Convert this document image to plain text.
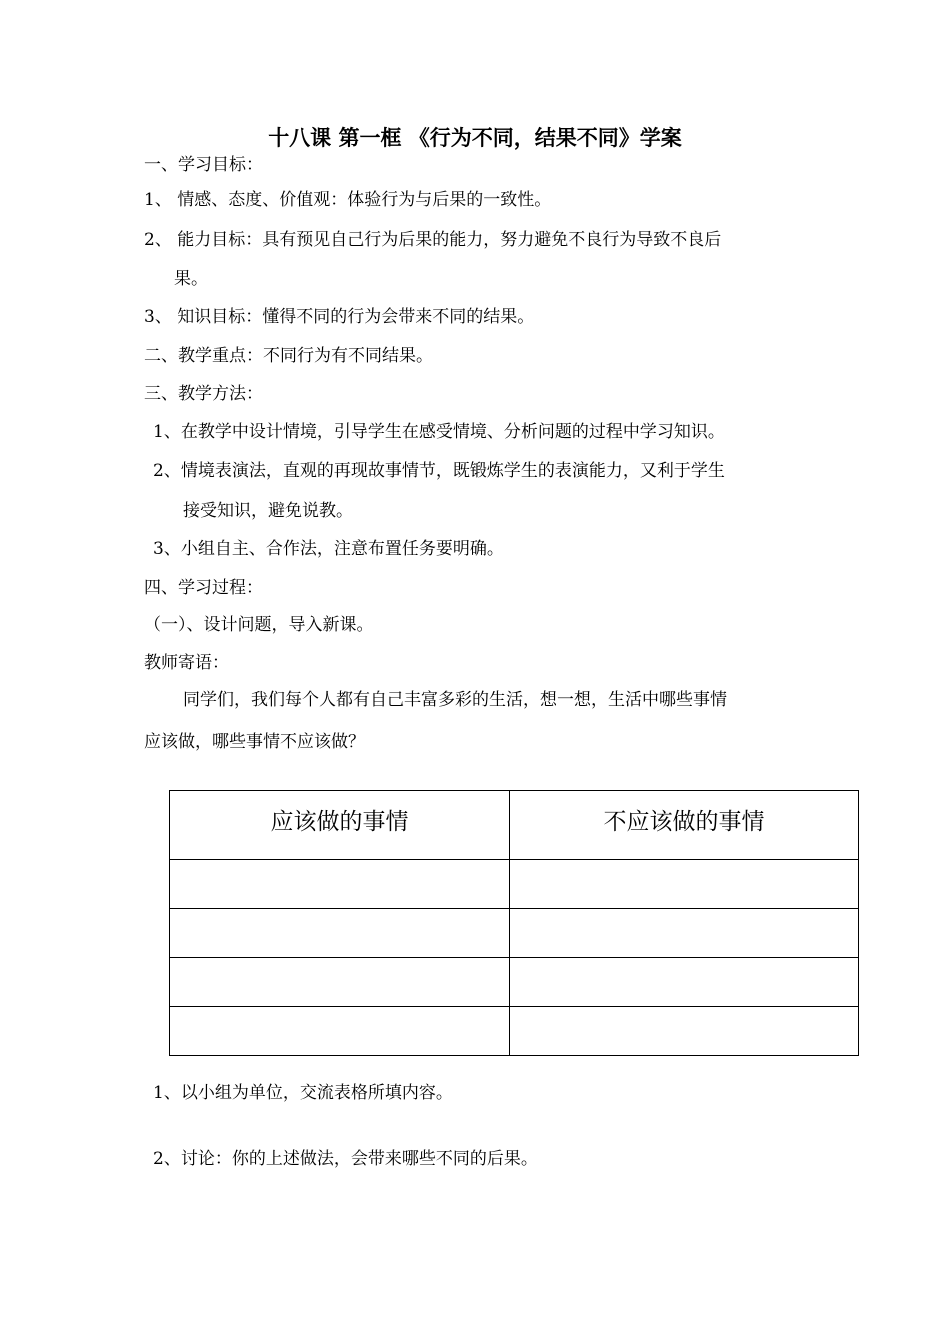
十八课 第一框 《行为不同，结果不同》学案
一、学习目标：
1、 情感、态度、价值观：体验行为与后果的一致性。
2、 能力目标：具有预见自己行为后果的能力，努力避免不良行为导致不良后
果。
3、 知识目标：懂得不同的行为会带来不同的结果。
二、教学重点：不同行为有不同结果。
三、教学方法：
1、在教学中设计情境，引导学生在感受情境、分析问题的过程中学习知识。
2、情境表演法，直观的再现故事情节，既锻炼学生的表演能力，又利于学生
接受知识，避免说教。
3、小组自主、合作法，注意布置任务要明确。
四、学习过程：
（一）、设计问题，导入新课。
教师寄语：
同学们，我们每个人都有自己丰富多彩的生活，想一想，生活中哪些事情
应该做，哪些事情不应该做？
应该做的事情	不应该做的事情

1、以小组为单位，交流表格所填内容。
2、讨论：你的上述做法，会带来哪些不同的后果。
